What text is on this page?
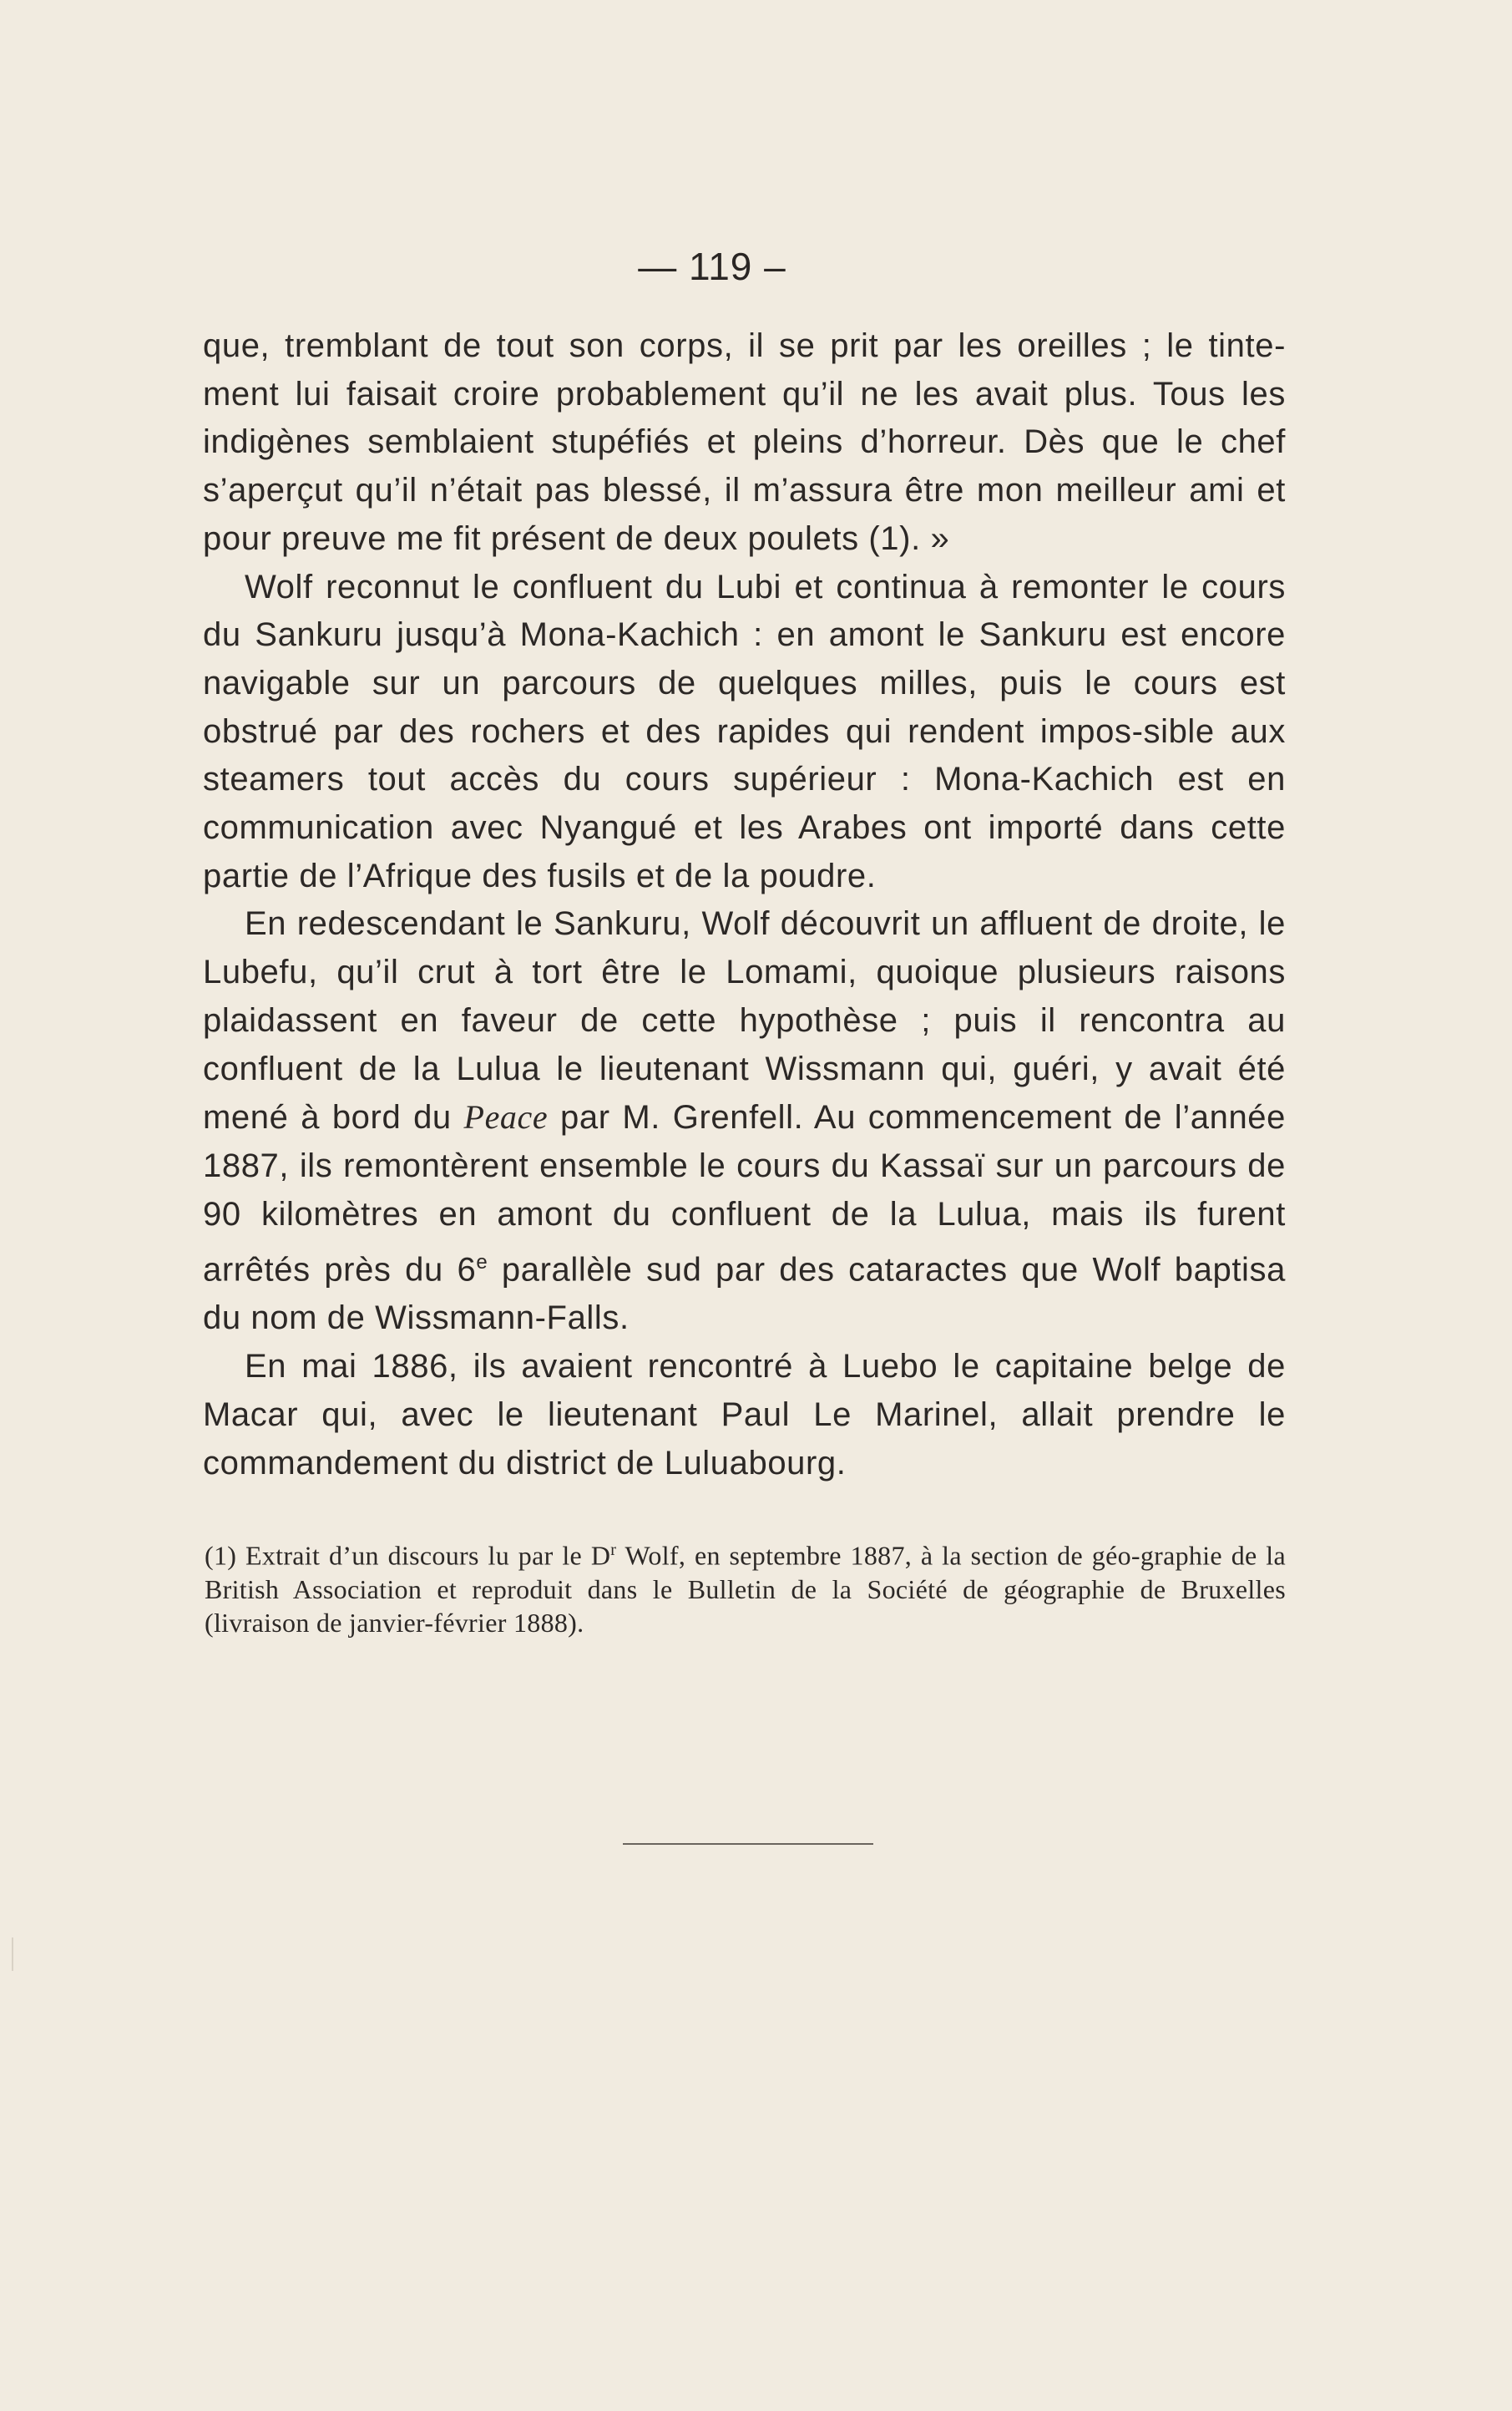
— 119 –

que, tremblant de tout son corps, il se prit par les oreilles ; le tinte-ment lui faisait croire probablement qu’il ne les avait plus. Tous les indigènes semblaient stupéfiés et pleins d’horreur. Dès que le chef s’aperçut qu’il n’était pas blessé, il m’assura être mon meilleur ami et pour preuve me fit présent de deux poulets (1). »

Wolf reconnut le confluent du Lubi et continua à remonter le cours du Sankuru jusqu’à Mona-Kachich : en amont le Sankuru est encore navigable sur un parcours de quelques milles, puis le cours est obstrué par des rochers et des rapides qui rendent impos-sible aux steamers tout accès du cours supérieur : Mona-Kachich est en communication avec Nyangué et les Arabes ont importé dans cette partie de l’Afrique des fusils et de la poudre.

En redescendant le Sankuru, Wolf découvrit un affluent de droite, le Lubefu, qu’il crut à tort être le Lomami, quoique plusieurs raisons plaidassent en faveur de cette hypothèse ; puis il rencontra au confluent de la Lulua le lieutenant Wissmann qui, guéri, y avait été mené à bord du Peace par M. Grenfell. Au commencement de l’année 1887, ils remontèrent ensemble le cours du Kassaï sur un parcours de 90 kilomètres en amont du confluent de la Lulua, mais ils furent arrêtés près du 6e parallèle sud par des cataractes que Wolf baptisa du nom de Wissmann-Falls.

En mai 1886, ils avaient rencontré à Luebo le capitaine belge de Macar qui, avec le lieutenant Paul Le Marinel, allait prendre le commandement du district de Luluabourg.

(1) Extrait d’un discours lu par le $D^r$ Wolf, en septembre 1887, à la section de géo-graphie de la British Association et reproduit dans le Bulletin de la Société de géographie de Bruxelles (livraison de janvier-février 1888).
